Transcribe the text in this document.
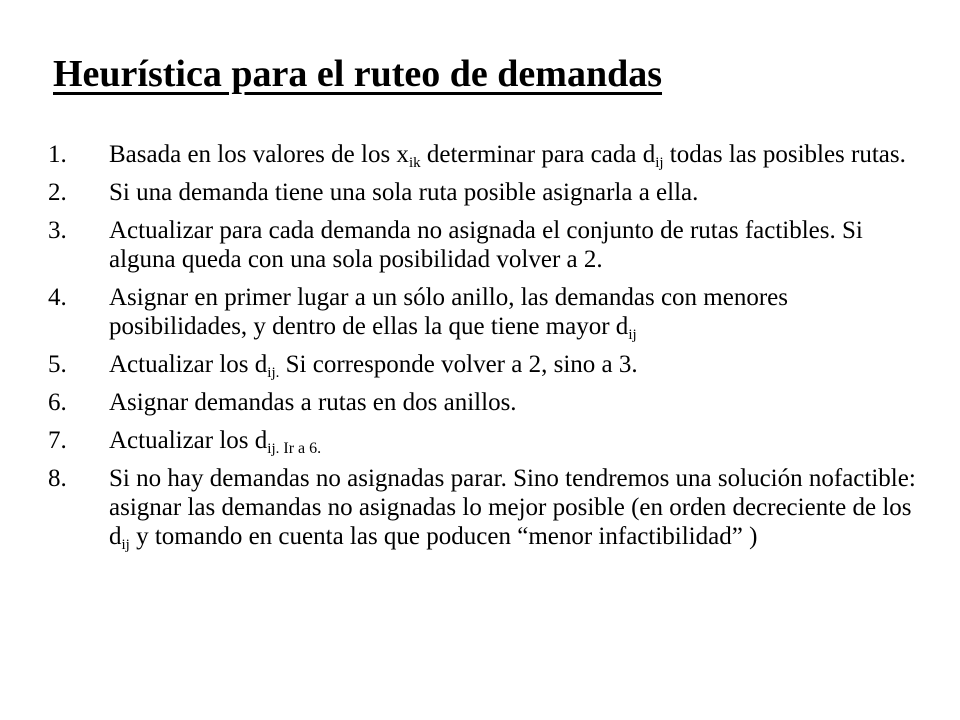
Heurística para el ruteo de demandas
1.	Basada en los valores de los $x_{ik}$ determinar para cada $d_{ij}$ todas las posibles rutas.
2.	Si una demanda tiene una sola ruta posible asignarla a ella.
3.	Actualizar para cada demanda no asignada el conjunto de rutas factibles. Si alguna queda con una sola posibilidad volver a 2.
4.	Asignar en primer lugar a un sólo anillo, las demandas con menores posibilidades, y dentro de ellas la que tiene mayor $d_{ij}$
5.	Actualizar los $d_{ij.}$ Si corresponde volver a 2, sino a 3.
6.	Asignar demandas a rutas en dos anillos.
7.	Actualizar los $d_{ij.}$ $_{Ir a 6.}$
8.	Si no hay demandas no asignadas parar. Sino tendremos una solución nofactible: asignar las demandas no asignadas lo mejor posible (en orden decreciente de los $d_{ij}$ y tomando en cuenta las que poducen “menor infactibilidad” )
